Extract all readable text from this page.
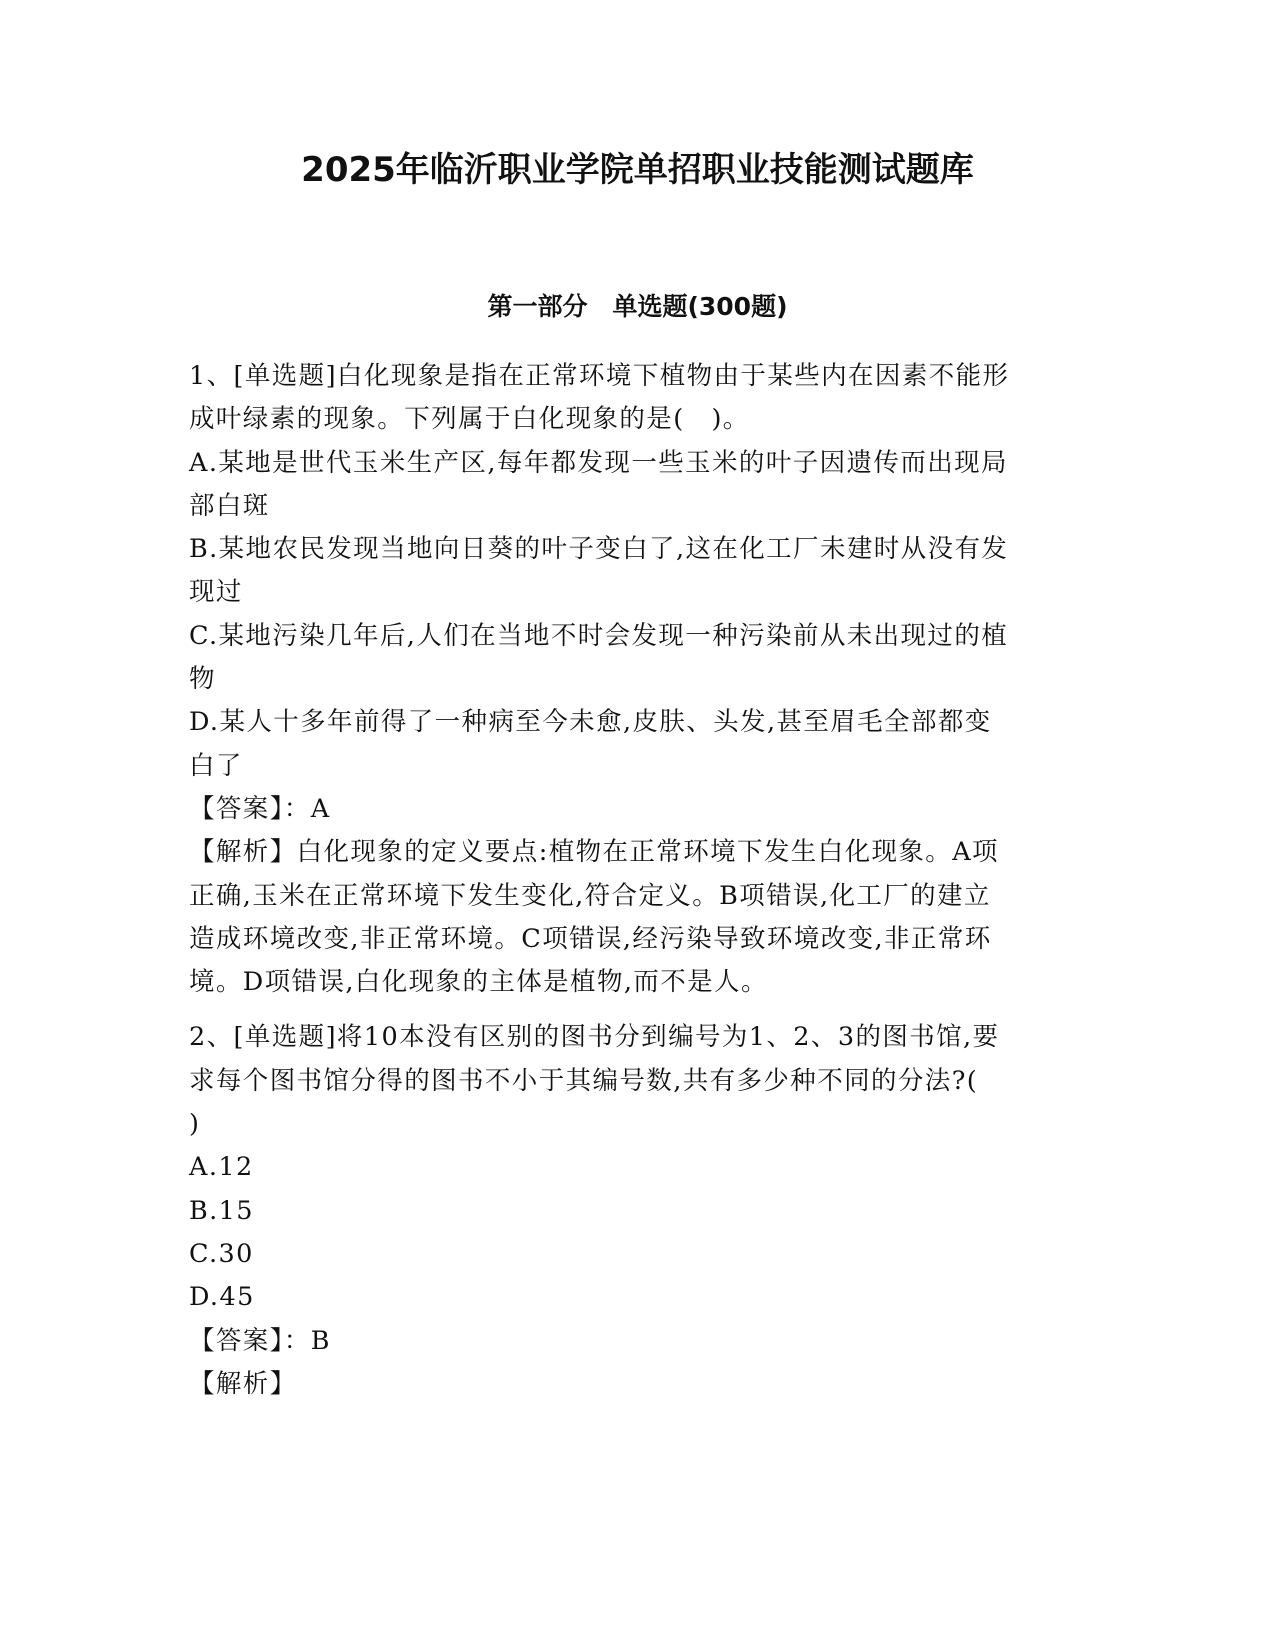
2025年临沂职业学院单招职业技能测试题库
第一部分　单选题(300题)
1、[单选题]白化现象是指在正常环境下植物由于某些内在因素不能形
成叶绿素的现象。下列属于白化现象的是(　)。
A.某地是世代玉米生产区,每年都发现一些玉米的叶子因遗传而出现局
部白斑
B.某地农民发现当地向日葵的叶子变白了,这在化工厂未建时从没有发
现过
C.某地污染几年后,人们在当地不时会发现一种污染前从未出现过的植
物
D.某人十多年前得了一种病至今未愈,皮肤、头发,甚至眉毛全部都变
白了
【答案】：A
【解析】白化现象的定义要点:植物在正常环境下发生白化现象。A项
正确,玉米在正常环境下发生变化,符合定义。B项错误,化工厂的建立
造成环境改变,非正常环境。C项错误,经污染导致环境改变,非正常环
境。D项错误,白化现象的主体是植物,而不是人。
2、[单选题]将10本没有区别的图书分到编号为1、2、3的图书馆,要
求每个图书馆分得的图书不小于其编号数,共有多少种不同的分法?(
)
A.12
B.15
C.30
D.45
【答案】：B
【解析】
